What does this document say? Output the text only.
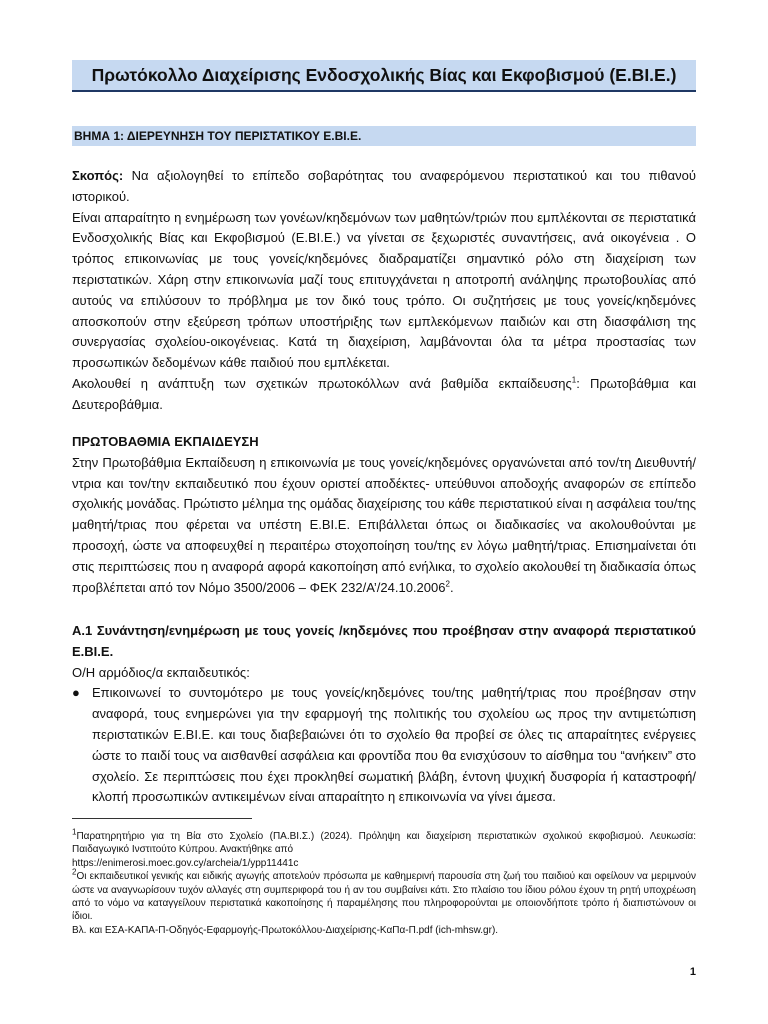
Πρωτόκολλο Διαχείρισης Ενδοσχολικής Βίας και Εκφοβισμού (Ε.ΒΙ.Ε.)
ΒΗΜΑ 1: ΔΙΕΡΕΥΝΗΣΗ ΤΟΥ ΠΕΡΙΣΤΑΤΙΚΟΥ Ε.ΒΙ.Ε.

Σκοπός: Να αξιολογηθεί το επίπεδο σοβαρότητας του αναφερόμενου περιστατικού και του πιθανού ιστορικού.

Είναι απαραίτητο η ενημέρωση των γονέων/κηδεμόνων των μαθητών/τριών που εμπλέκονται σε περιστατικά Ενδοσχολικής Βίας και Εκφοβισμού (Ε.ΒΙ.Ε.) να γίνεται σε ξεχωριστές συναντήσεις, ανά οικογένεια . Ο τρόπος επικοινωνίας με τους γονείς/κηδεμόνες διαδραματίζει σημαντικό ρόλο στη διαχείριση των περιστατικών. Χάρη στην επικοινωνία μαζί τους επιτυγχάνεται η αποτροπή ανάληψης πρωτοβουλίας από αυτούς να επιλύσουν το πρόβλημα με τον δικό τους τρόπο. Οι συζητήσεις με τους γονείς/κηδεμόνες αποσκοπούν στην εξεύρεση τρόπων υποστήριξης των εμπλεκόμενων παιδιών και στη διασφάλιση της συνεργασίας σχολείου-οικογένειας. Κατά τη διαχείριση, λαμβάνονται όλα τα μέτρα προστασίας των προσωπικών δεδομένων κάθε παιδιού που εμπλέκεται.

Ακολουθεί η ανάπτυξη των σχετικών πρωτοκόλλων ανά βαθμίδα εκπαίδευσης$^1$: Πρωτοβάθμια και Δευτεροβάθμια.

ΠΡΩΤΟΒΑΘΜΙΑ ΕΚΠΑΙΔΕΥΣΗ

Στην Πρωτοβάθμια Εκπαίδευση η επικοινωνία με τους γονείς/κηδεμόνες οργανώνεται από τον/τη Διευθυντή/ντρια και τον/την εκπαιδευτικό που έχουν οριστεί αποδέκτες- υπεύθυνοι αποδοχής αναφορών σε επίπεδο σχολικής μονάδας. Πρώτιστο μέλημα της ομάδας διαχείρισης του κάθε περιστατικού είναι η ασφάλεια του/της μαθητή/τριας που φέρεται να υπέστη Ε.ΒΙ.Ε. Επιβάλλεται όπως οι διαδικασίες να ακολουθούνται με προσοχή, ώστε να αποφευχθεί η περαιτέρω στοχοποίηση του/της εν λόγω μαθητή/τριας. Επισημαίνεται ότι στις περιπτώσεις που η αναφορά αφορά κακοποίηση από ενήλικα, το σχολείο ακολουθεί τη διαδικασία όπως προβλέπεται από τον Νόμο 3500/2006 – ΦΕΚ 232/Α’/24.10.2006$^2$.

Α.1 Συνάντηση/ενημέρωση με τους γονείς /κηδεμόνες που προέβησαν στην αναφορά περιστατικού Ε.ΒΙ.Ε.

Ο/Η αρμόδιος/α εκπαιδευτικός:

● Επικοινωνεί το συντομότερο με τους γονείς/κηδεμόνες του/της μαθητή/τριας που προέβησαν στην αναφορά, τους ενημερώνει για την εφαρμογή της πολιτικής του σχολείου ως προς την αντιμετώπιση περιστατικών Ε.ΒΙ.Ε. και τους διαβεβαιώνει ότι το σχολείο θα προβεί σε όλες τις απαραίτητες ενέργειες ώστε το παιδί τους να αισθανθεί ασφάλεια και φροντίδα που θα ενισχύσουν το αίσθημα του “ανήκειν” στο σχολείο. Σε περιπτώσεις που έχει προκληθεί σωματική βλάβη, έντονη ψυχική δυσφορία ή καταστροφή/κλοπή προσωπικών αντικειμένων είναι απαραίτητο η επικοινωνία να γίνει άμεσα.

$^1$Παρατηρητήριο για τη Βία στο Σχολείο (ΠΑ.ΒΙ.Σ.) (2024). Πρόληψη και διαχείριση περιστατικών σχολικού εκφοβισμού. Λευκωσία: Παιδαγωγικό Ινστιτούτο Κύπρου. Ανακτήθηκε από

https://enimerosi.moec.gov.cy/archeia/1/ypp11441c

$^2$Οι εκπαιδευτικοί γενικής και ειδικής αγωγής αποτελούν πρόσωπα με καθημερινή παρουσία στη ζωή του παιδιού και οφείλουν να μεριμνούν ώστε να αναγνωρίσουν τυχόν αλλαγές στη συμπεριφορά του ή αν του συμβαίνει κάτι. Στο πλαίσιο του ίδιου ρόλου έχουν τη ρητή υποχρέωση από το νόμο να καταγγείλουν περιστατικά κακοποίησης ή παραμέλησης που πληροφορούνται με οποιονδήποτε τρόπο ή διαπιστώνουν οι ίδιοι.

Βλ. και ΕΣΑ-ΚΑΠΑ-Π-Οδηγός-Εφαρμογής-Πρωτοκόλλου-Διαχείρισης-ΚαΠα-Π.pdf (ich-mhsw.gr).

1
